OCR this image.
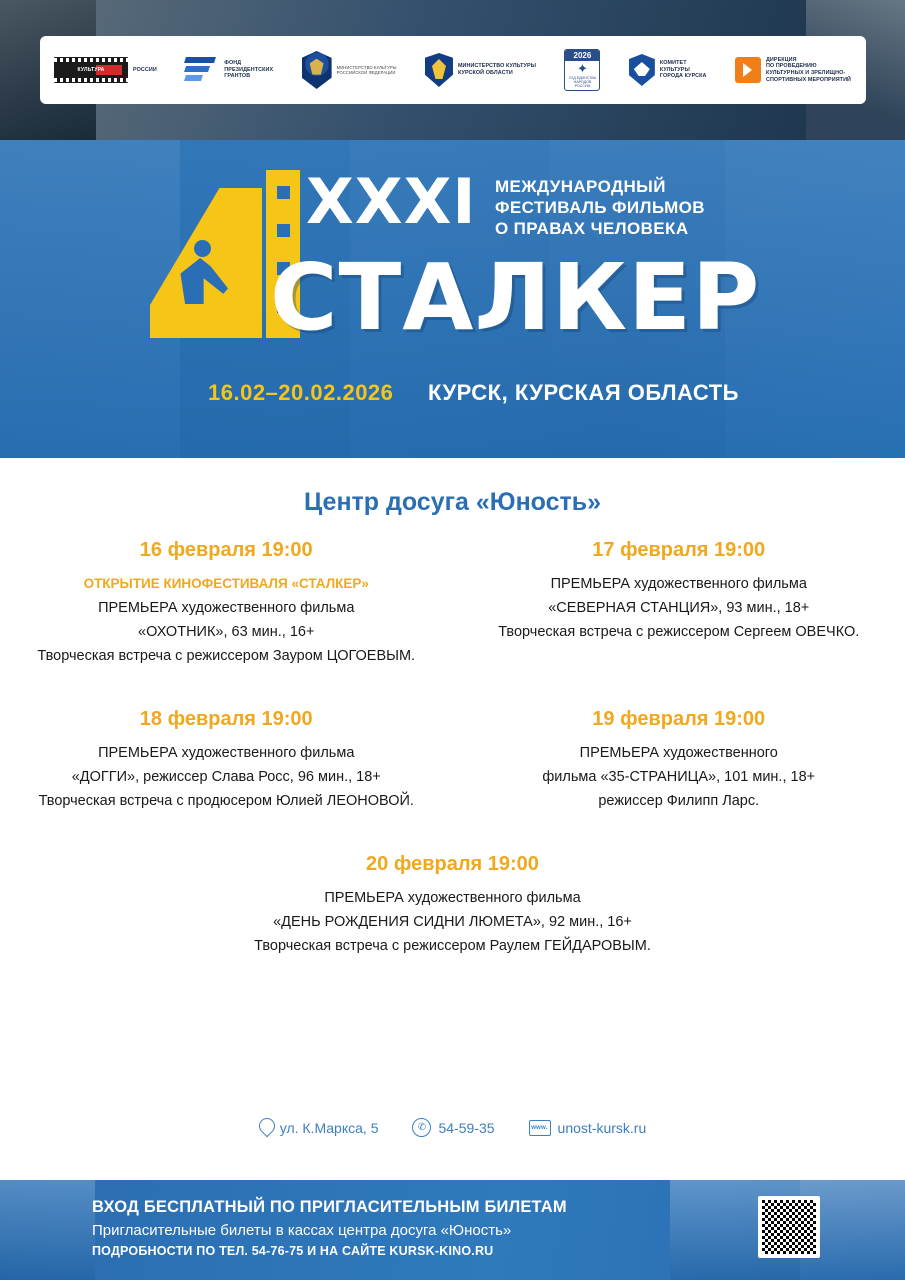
КУЛЬТУРА	РОССИИ
ФОНД
ПРЕЗИДЕНТСКИХ
ГРАНТОВ
МИНИСТЕРСТВО КУЛЬТУРЫ
РОССИЙСКОЙ ФЕДЕРАЦИИ
МИНИСТЕРСТВО КУЛЬТУРЫ
КУРСКОЙ ОБЛАСТИ
2026
✦
ГОД ЕДИНСТВА НАРОДОВ РОССИИ
КОМИТЕТ
КУЛЬТУРЫ
ГОРОДА КУРСКА
ДИРЕКЦИЯ
ПО ПРОВЕДЕНИЮ КУЛЬТУРНЫХ И ЗРЕЛИЩНО-СПОРТИВНЫХ МЕРОПРИЯТИЙ
XXXI МЕЖДУНАРОДНЫЙ
ФЕСТИВАЛЬ ФИЛЬМОВ
О ПРАВАХ ЧЕЛОВЕКА
СТАЛКЕР
16.02–20.02.2026 КУРСК, КУРСКАЯ ОБЛАСТЬ
Центр досуга «Юность»
16 февраля 19:00
ОТКРЫТИЕ КИНОФЕСТИВАЛЯ «СТАЛКЕР»
ПРЕМЬЕРА художественного фильма
«ОХОТНИК», 63 мин., 16+
Творческая встреча с режиссером Зауром ЦОГОЕВЫМ.
17 февраля 19:00
ПРЕМЬЕРА художественного фильма
«СЕВЕРНАЯ СТАНЦИЯ», 93 мин., 18+
Творческая встреча с режиссером Сергеем ОВЕЧКО.
18 февраля 19:00
ПРЕМЬЕРА художественного фильма
«ДОГГИ», режиссер Слава Росс, 96 мин., 18+
Творческая встреча с продюсером Юлией ЛЕОНОВОЙ.
19 февраля 19:00
ПРЕМЬЕРА художественного
фильма «35-СТРАНИЦА», 101 мин., 18+
режиссер Филипп Ларс.
20 февраля 19:00
ПРЕМЬЕРА художественного фильма
«ДЕНЬ РОЖДЕНИЯ СИДНИ ЛЮМЕТА», 92 мин., 16+
Творческая встреча с режиссером Раулем ГЕЙДАРОВЫМ.
ул. К.Маркса, 5	✆ 54-59-35	www. unost-kursk.ru
ВХОД БЕСПЛАТНЫЙ ПО ПРИГЛАСИТЕЛЬНЫМ БИЛЕТАМ
Пригласительные билеты в кассах центра досуга «Юность»
ПОДРОБНОСТИ ПО ТЕЛ. 54-76-75 И НА САЙТЕ KURSK-KINO.RU
